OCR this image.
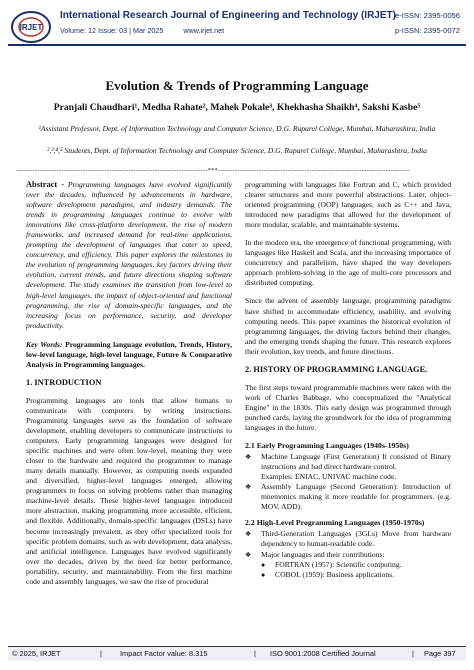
IRJET
International Research Journal of Engineering and Technology (IRJET)
Volume: 12 Issue: 03 | Mar 2025          www.irjet.net
e-ISSN: 2395-0056
p-ISSN: 2395-0072
Evolution & Trends of Programming Language
Pranjali Chaudhari¹, Medha Rahate², Mahek Pokale³, Khekhasha Shaikh⁴, Sakshi Kasbe⁵
¹Assistant Professor, Dept. of Information Technology and Computer Science, D.G. Ruparel College, Mumbai, Maharashtra, India
²,³,⁴,⁵ Students, Dept. of Information Technology and Computer Science, D.G. Ruparel College, Mumbai, Maharashtra, India
--------------------------------------------------------------------------------***--------------------------------------------------------------------------------

Abstract - Programming languages have evolved significantly over the decades, influenced by advancements in hardware, software development paradigms, and industry demands. The trends in programming languages continue to evolve with innovations like cross-platform development, the rise of modern frameworks, and increased demand for real-time applications, prompting the development of languages that cater to speed, concurrency, and efficiency. This paper explores the milestones in the evolution of programming languages, key factors driving their evolution, current trends, and future directions shaping software development. The study examines the transition from low-level to high-level languages, the impact of object-oriented and functional programming, the rise of domain-specific languages, and the increasing focus on performance, security, and developer productivity.

Key Words: Programming language evolution, Trends, History, low-level language, high-level language, Future & Comparative Analysis in Programming languages.

1. INTRODUCTION

Programming languages are tools that allow humans to communicate with computers by writing instructions. Programming languages serve as the foundation of software development, enabling developers to communicate instructions to computers. Early programming languages were designed for specific machines and were often low-level, meaning they were closer to the hardware and required the programmer to manage many details manually. However, as computing needs expanded and diversified, higher-level languages emerged, allowing programmers to focus on solving problems rather than managing machine-level details. These higher-level languages introduced more abstraction, making programming more accessible, efficient, and flexible. Additionally, domain-specific languages (DSLs) have become increasingly prevalent, as they offer specialized tools for specific problem domains, such as web development, data analysis, and artificial intelligence. Languages have evolved significantly over the decades, driven by the need for better performance, portability, security, and maintainability. From the first machine code and assembly languages, we saw the rise of procedural

programming with languages like Fortran and C, which provided clearer structures and more powerful abstractions. Later, object-oriented programming (OOP) languages, such as C++ and Java, introduced new paradigms that allowed for the development of more modular, scalable, and maintainable systems.

In the modern era, the emergence of functional programming, with languages like Haskell and Scala, and the increasing importance of concurrency and parallelism, have shaped the way developers approach problem-solving in the age of multi-core processors and distributed computing.

Since the advent of assembly language, programming paradigms have shifted to accommodate efficiency, usability, and evolving computing needs. This paper examines the historical evolution of programming languages, the driving factors behind their changes, and the emerging trends shaping the future. This research explores their evolution, key trends, and future directions.

2. HISTORY OF PROGRAMMING LANGUAGE.

The first steps toward programmable machines were taken with the work of Charles Babbage, who conceptualized the "Analytical Engine" in the 1830s. This early design was programmed through punched cards, laying the groundwork for the idea of programming languages in the future.

2.1 Early Programming Languages (1940s-1950s)

❖ Machine Language (First Generation) It consisted of Binary instructions and had direct hardware control.
Examples: ENIAC, UNIVAC machine code.
❖ Assembly Language (Second Generation): Introduction of mnemonics making it more readable for programmers. (e.g. MOV, ADD).

2.2 High-Level Programming Languages (1950-1970s)

❖ Third-Generation Languages (3GLs) Move from hardware dependency to human-readable code.
❖ Major languages and their contributions:
● FORTRAN (1957): Scientific computing.
● COBOL (1959): Business applications.
© 2025, IRJET	| Impact Factor value: 8.315	| ISO 9001:2008 Certified Journal	| Page 397
